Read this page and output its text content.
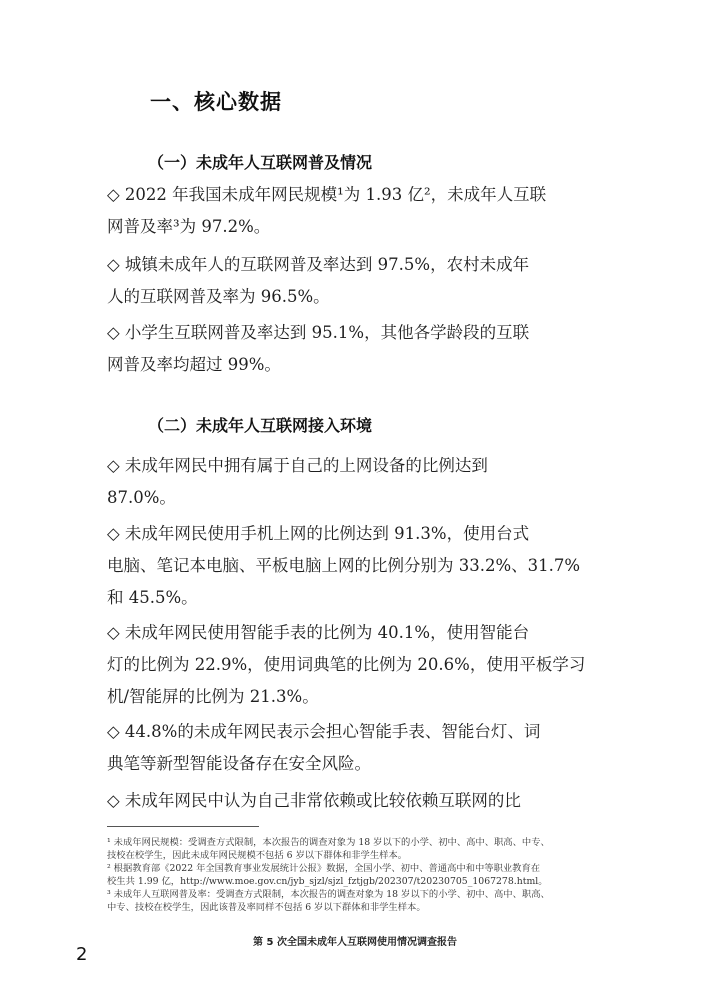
一、核心数据
（一）未成年人互联网普及情况
◇ 2022 年我国未成年网民规模¹为 1.93 亿²，未成年人互联
网普及率³为 97.2%。
◇ 城镇未成年人的互联网普及率达到 97.5%，农村未成年
人的互联网普及率为 96.5%。
◇ 小学生互联网普及率达到 95.1%，其他各学龄段的互联
网普及率均超过 99%。
（二）未成年人互联网接入环境
◇ 未成年网民中拥有属于自己的上网设备的比例达到
87.0%。
◇ 未成年网民使用手机上网的比例达到 91.3%，使用台式
电脑、笔记本电脑、平板电脑上网的比例分别为 33.2%、31.7%
和 45.5%。
◇ 未成年网民使用智能手表的比例为 40.1%，使用智能台
灯的比例为 22.9%，使用词典笔的比例为 20.6%，使用平板学习
机/智能屏的比例为 21.3%。
◇ 44.8%的未成年网民表示会担心智能手表、智能台灯、词
典笔等新型智能设备存在安全风险。
◇ 未成年网民中认为自己非常依赖或比较依赖互联网的比
¹ 未成年网民规模：受调查方式限制，本次报告的调查对象为 18 岁以下的小学、初中、高中、职高、中专、
技校在校学生，因此未成年网民规模不包括 6 岁以下群体和非学生样本。
² 根据教育部《2022 年全国教育事业发展统计公报》数据，全国小学、初中、普通高中和中等职业教育在
校生共 1.99 亿，http://www.moe.gov.cn/jyb_sjzl/sjzl_fztjgb/202307/t20230705_1067278.html。
³ 未成年人互联网普及率：受调查方式限制，本次报告的调查对象为 18 岁以下的小学、初中、高中、职高、
中专、技校在校学生，因此该普及率同样不包括 6 岁以下群体和非学生样本。
第 5 次全国未成年人互联网使用情况调查报告
2
